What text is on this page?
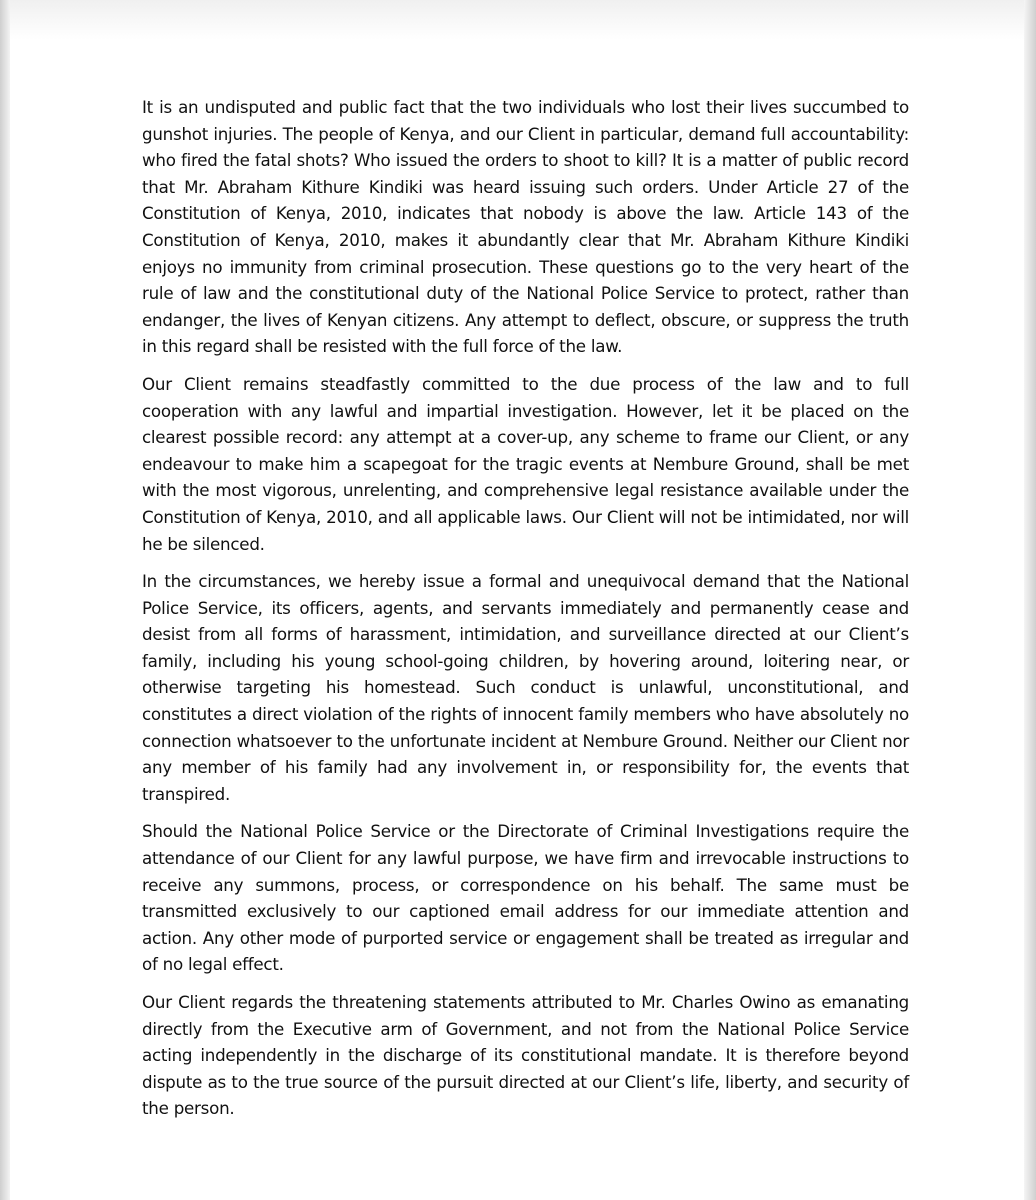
It is an undisputed and public fact that the two individuals who lost their lives succumbed to gunshot injuries. The people of Kenya, and our Client in particular, demand full accountability: who fired the fatal shots? Who issued the orders to shoot to kill? It is a matter of public record that Mr. Abraham Kithure Kindiki was heard issuing such orders. Under Article 27 of the Constitution of Kenya, 2010, indicates that nobody is above the law. Article 143 of the Constitution of Kenya, 2010, makes it abundantly clear that Mr. Abraham Kithure Kindiki enjoys no immunity from criminal prosecution. These questions go to the very heart of the rule of law and the constitutional duty of the National Police Service to protect, rather than endanger, the lives of Kenyan citizens. Any attempt to deflect, obscure, or suppress the truth in this regard shall be resisted with the full force of the law.

Our Client remains steadfastly committed to the due process of the law and to full cooperation with any lawful and impartial investigation. However, let it be placed on the clearest possible record: any attempt at a cover-up, any scheme to frame our Client, or any endeavour to make him a scapegoat for the tragic events at Nembure Ground, shall be met with the most vigorous, unrelenting, and comprehensive legal resistance available under the Constitution of Kenya, 2010, and all applicable laws. Our Client will not be intimidated, nor will he be silenced.

In the circumstances, we hereby issue a formal and unequivocal demand that the National Police Service, its officers, agents, and servants immediately and permanently cease and desist from all forms of harassment, intimidation, and surveillance directed at our Client’s family, including his young school-going children, by hovering around, loitering near, or otherwise targeting his homestead. Such conduct is unlawful, unconstitutional, and constitutes a direct violation of the rights of innocent family members who have absolutely no connection whatsoever to the unfortunate incident at Nembure Ground. Neither our Client nor any member of his family had any involvement in, or responsibility for, the events that transpired.

Should the National Police Service or the Directorate of Criminal Investigations require the attendance of our Client for any lawful purpose, we have firm and irrevocable instructions to receive any summons, process, or correspondence on his behalf. The same must be transmitted exclusively to our captioned email address for our immediate attention and action. Any other mode of purported service or engagement shall be treated as irregular and of no legal effect.

Our Client regards the threatening statements attributed to Mr. Charles Owino as emanating directly from the Executive arm of Government, and not from the National Police Service acting independently in the discharge of its constitutional mandate. It is therefore beyond dispute as to the true source of the pursuit directed at our Client’s life, liberty, and security of the person.
